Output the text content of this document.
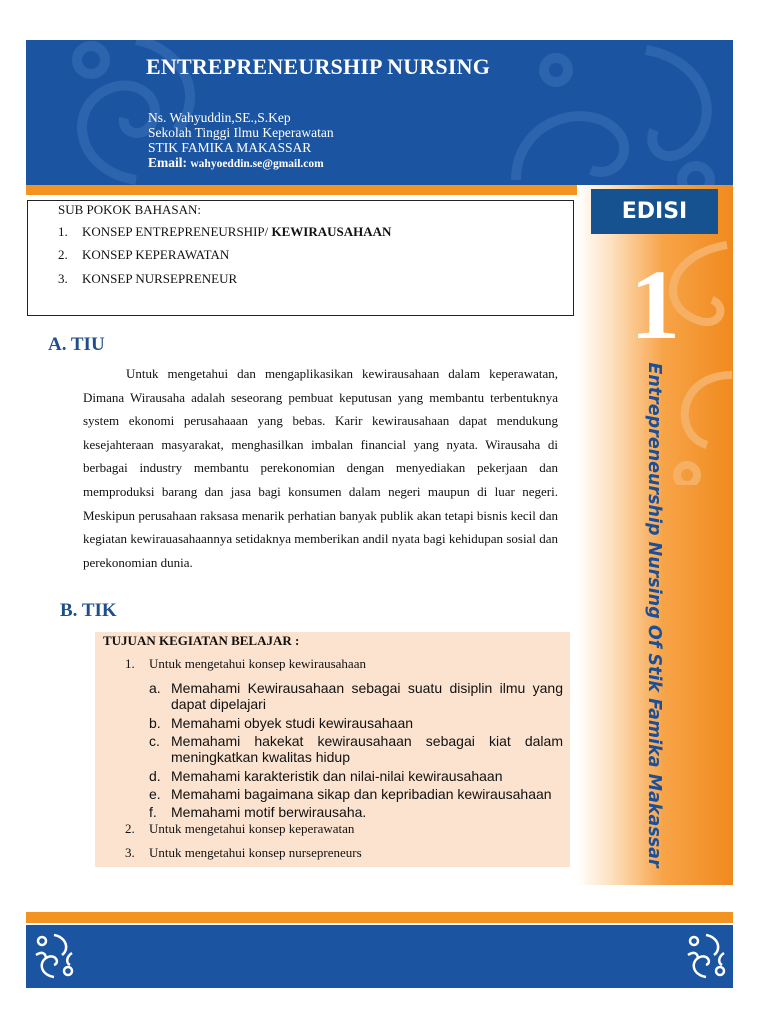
ENTREPRENEURSHIP NURSING
Ns. Wahyuddin,SE.,S.Kep
Sekolah Tinggi Ilmu Keperawatan
STIK FAMIKA MAKASSAR
Email: wahyoeddin.se@gmail.com
EDISI
1
Entrepreneurship Nursing Of Stik Famika Makassar
SUB POKOK BAHASAN:
1. KONSEP ENTREPRENEURSHIP/ KEWIRAUSAHAAN
2. KONSEP KEPERAWATAN
3. KONSEP NURSEPRENEUR
A. TIU

Untuk mengetahui dan mengaplikasikan kewirausahaan dalam keperawatan, Dimana Wirausaha adalah seseorang pembuat keputusan yang membantu terbentuknya system ekonomi perusahaaan yang bebas. Karir kewirausahaan dapat mendukung kesejahteraan masyarakat, menghasilkan imbalan financial yang nyata. Wirausaha di berbagai industry membantu perekonomian dengan menyediakan pekerjaan dan memproduksi barang dan jasa bagi konsumen dalam negeri maupun di luar negeri. Meskipun perusahaan raksasa menarik perhatian banyak publik akan tetapi bisnis kecil dan kegiatan kewirauasahaannya setidaknya memberikan andil nyata bagi kehidupan sosial dan perekonomian dunia.

B. TIK
TUJUAN KEGIATAN BELAJAR :
1. Untuk mengetahui konsep kewirausahaan
a. Memahami Kewirausahaan sebagai suatu disiplin ilmu yang dapat dipelajari
b. Memahami obyek studi kewirausahaan
c. Memahami hakekat kewirausahaan sebagai kiat dalam meningkatkan kwalitas hidup
d. Memahami karakteristik dan nilai-nilai kewirausahaan
e. Memahami bagaimana sikap dan kepribadian kewirausahaan
f. Memahami motif berwirausaha.
2. Untuk mengetahui konsep keperawatan
3. Untuk mengetahui konsep nursepreneurs
